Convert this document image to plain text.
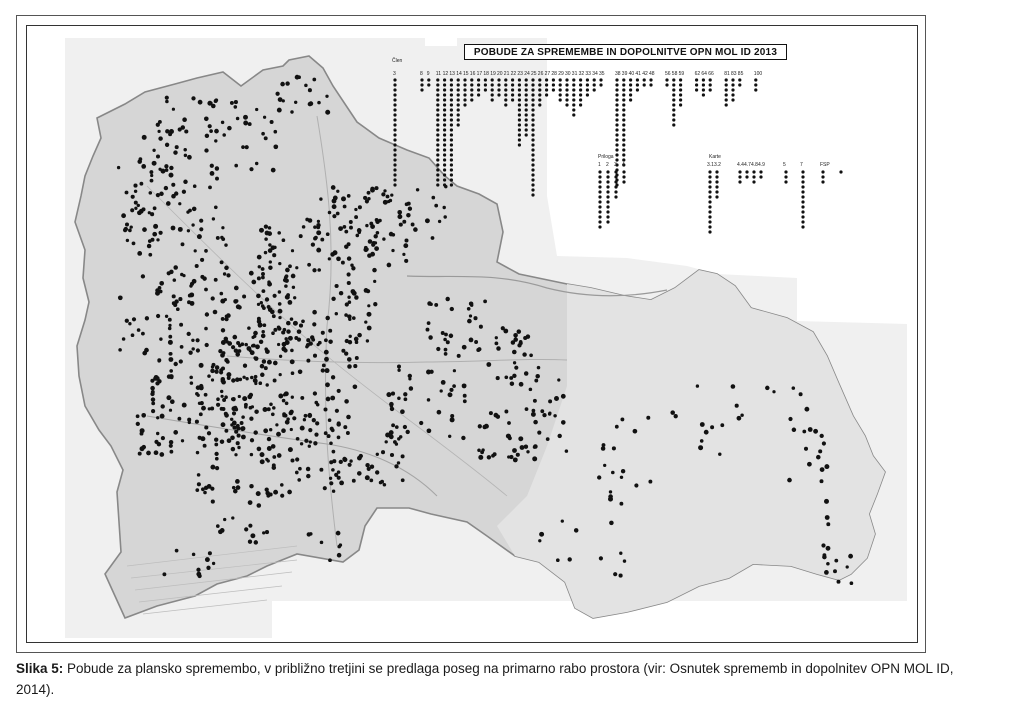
POBUDE ZA SPREMEMBE IN DOPOLNITVE OPN MOL ID 2013
Člen
Priloga	Karte
3	8 9 11 12 13 14 15 16 17 18 19 20 21 22 23 24 25 26 27 28 29 30 31 32 33 34 35 38 39 40 41 42 48 56 58 59 62 64 66 81 83 85 100
1 2 3 4	3.1 3.2	4.4 4.7 4.8 4.9	5	7	FSP
Slika 5: Pobude za plansko spremembo, v približno tretjini se predlaga poseg na primarno rabo prostora (vir: Osnutek sprememb in dopolnitev OPN MOL ID, 2014).
